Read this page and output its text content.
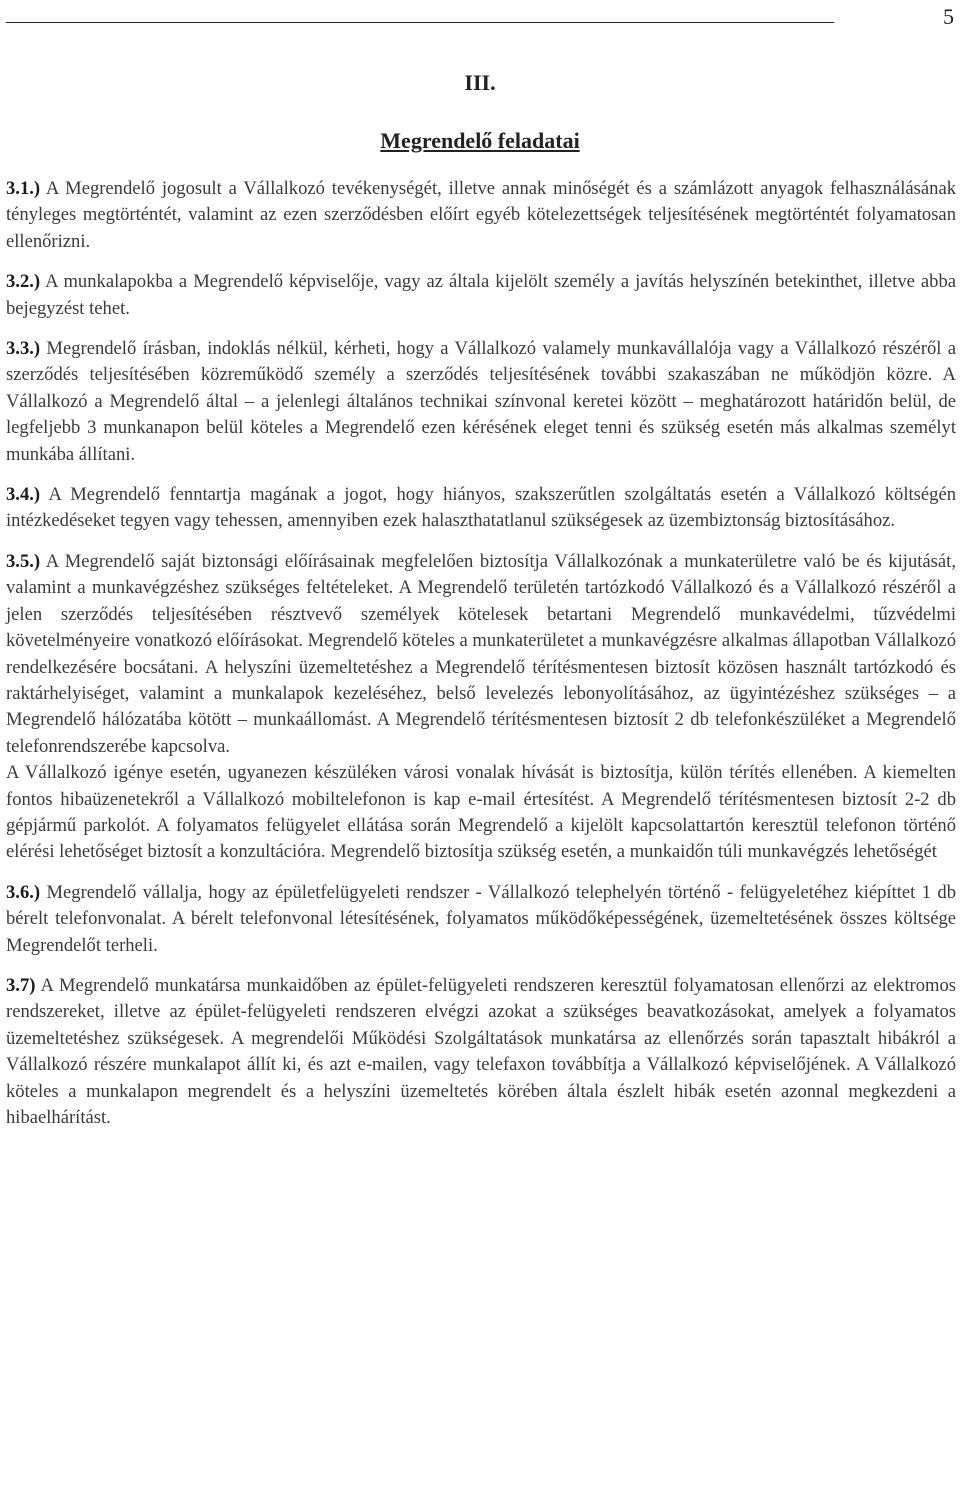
5
III.
Megrendelő feladatai

3.1.) A Megrendelő jogosult a Vállalkozó tevékenységét, illetve annak minőségét és a számlázott anyagok felhasználásának tényleges megtörténtét, valamint az ezen szerződésben előírt egyéb kötelezettségek teljesítésének megtörténtét folyamatosan ellenőrizni.

3.2.) A munkalapokba a Megrendelő képviselője, vagy az általa kijelölt személy a javítás helyszínén betekinthet, illetve abba bejegyzést tehet.

3.3.) Megrendelő írásban, indoklás nélkül, kérheti, hogy a Vállalkozó valamely munkavállalója vagy a Vállalkozó részéről a szerződés teljesítésében közreműködő személy a szerződés teljesítésének további szakaszában ne működjön közre. A Vállalkozó a Megrendelő által – a jelenlegi általános technikai színvonal keretei között – meghatározott határidőn belül, de legfeljebb 3 munkanapon belül köteles a Megrendelő ezen kérésének eleget tenni és szükség esetén más alkalmas személyt munkába állítani.

3.4.) A Megrendelő fenntartja magának a jogot, hogy hiányos, szakszerűtlen szolgáltatás esetén a Vállalkozó költségén intézkedéseket tegyen vagy tehessen, amennyiben ezek halaszthatatlanul szükségesek az üzembiztonság biztosításához.

3.5.) A Megrendelő saját biztonsági előírásainak megfelelően biztosítja Vállalkozónak a munkaterületre való be és kijutását, valamint a munkavégzéshez szükséges feltételeket. A Megrendelő területén tartózkodó Vállalkozó és a Vállalkozó részéről a jelen szerződés teljesítésében résztvevő személyek kötelesek betartani Megrendelő munkavédelmi, tűzvédelmi követelményeire vonatkozó előírásokat. Megrendelő köteles a munkaterületet a munkavégzésre alkalmas állapotban Vállalkozó rendelkezésére bocsátani. A helyszíni üzemeltetéshez a Megrendelő térítésmentesen biztosít közösen használt tartózkodó és raktárhelyiséget, valamint a munkalapok kezeléséhez, belső levelezés lebonyolításához, az ügyintézéshez szükséges – a Megrendelő hálózatába kötött – munkaállomást. A Megrendelő térítésmentesen biztosít 2 db telefonkészüléket a Megrendelő telefonrendszerébe kapcsolva.

A Vállalkozó igénye esetén, ugyanezen készüléken városi vonalak hívását is biztosítja, külön térítés ellenében. A kiemelten fontos hibaüzenetekről a Vállalkozó mobiltelefonon is kap e-mail értesítést. A Megrendelő térítésmentesen biztosít 2-2 db gépjármű parkolót. A folyamatos felügyelet ellátása során Megrendelő a kijelölt kapcsolattartón keresztül telefonon történő elérési lehetőséget biztosít a konzultációra. Megrendelő biztosítja szükség esetén, a munkaidőn túli munkavégzés lehetőségét

3.6.) Megrendelő vállalja, hogy az épületfelügyeleti rendszer - Vállalkozó telephelyén történő - felügyeletéhez kiépíttet 1 db bérelt telefonvonalat. A bérelt telefonvonal létesítésének, folyamatos működőképességének, üzemeltetésének összes költsége Megrendelőt terheli.

3.7) A Megrendelő munkatársa munkaidőben az épület-felügyeleti rendszeren keresztül folyamatosan ellenőrzi az elektromos rendszereket, illetve az épület-felügyeleti rendszeren elvégzi azokat a szükséges beavatkozásokat, amelyek a folyamatos üzemeltetéshez szükségesek. A megrendelői Működési Szolgáltatások munkatársa az ellenőrzés során tapasztalt hibákról a Vállalkozó részére munkalapot állít ki, és azt e-mailen, vagy telefaxon továbbítja a Vállalkozó képviselőjének. A Vállalkozó köteles a munkalapon megrendelt és a helyszíni üzemeltetés körében általa észlelt hibák esetén azonnal megkezdeni a hibaelhárítást.
